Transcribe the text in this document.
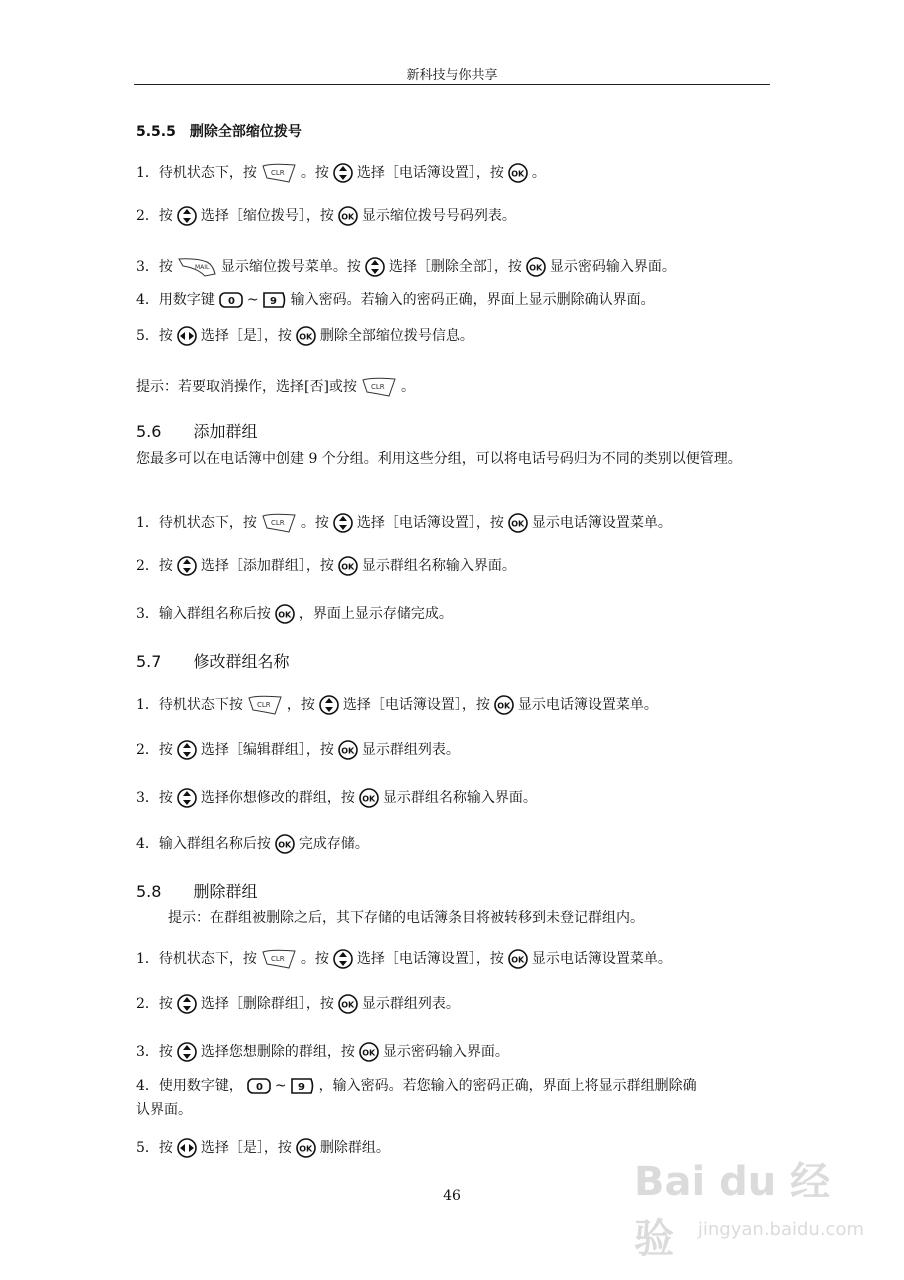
新科技与你共享
5.5.5　删除全部缩位拨号
1．待机状态下，按	。按 选择［电话簿设置］，按 。
2．按 选择［缩位拨号］，按 显示缩位拨号号码列表。
3．按	显示缩位拨号菜单。按 选择［删除全部］，按 显示密码输入界面。
4．用数字键 ~ 输入密码。若输入的密码正确，界面上显示删除确认界面。
5．按 选择［是］，按 删除全部缩位拨号信息。
提示：若要取消操作，选择[否]或按	。
5.6　　添加群组
您最多可以在电话簿中创建 9 个分组。利用这些分组，可以将电话号码归为不同的类别以便管理。
1．待机状态下，按	。按 选择［电话簿设置］，按 显示电话簿设置菜单。
2．按 选择［添加群组］，按 显示群组名称输入界面。
3．输入群组名称后按 ，界面上显示存储完成。
5.7　　修改群组名称
1．待机状态下按	，按 选择［电话簿设置］，按 显示电话簿设置菜单。
2．按 选择［编辑群组］，按 显示群组列表。
3．按 选择你想修改的群组，按 显示群组名称输入界面。
4．输入群组名称后按 完成存储。
5.8　　删除群组
提示：在群组被删除之后，其下存储的电话簿条目将被转移到未登记群组内。
1．待机状态下，按	。按 选择［电话簿设置］，按 显示电话簿设置菜单。
2．按 选择［删除群组］，按 显示群组列表。
3．按 选择您想删除的群组，按 显示密码输入界面。
4．使用数字键， ~ ，输入密码。若您输入的密码正确，界面上将显示群组删除确
认界面。
5．按 选择［是］，按 删除群组。
46	Bai du 经验	jingyan.baidu.com
